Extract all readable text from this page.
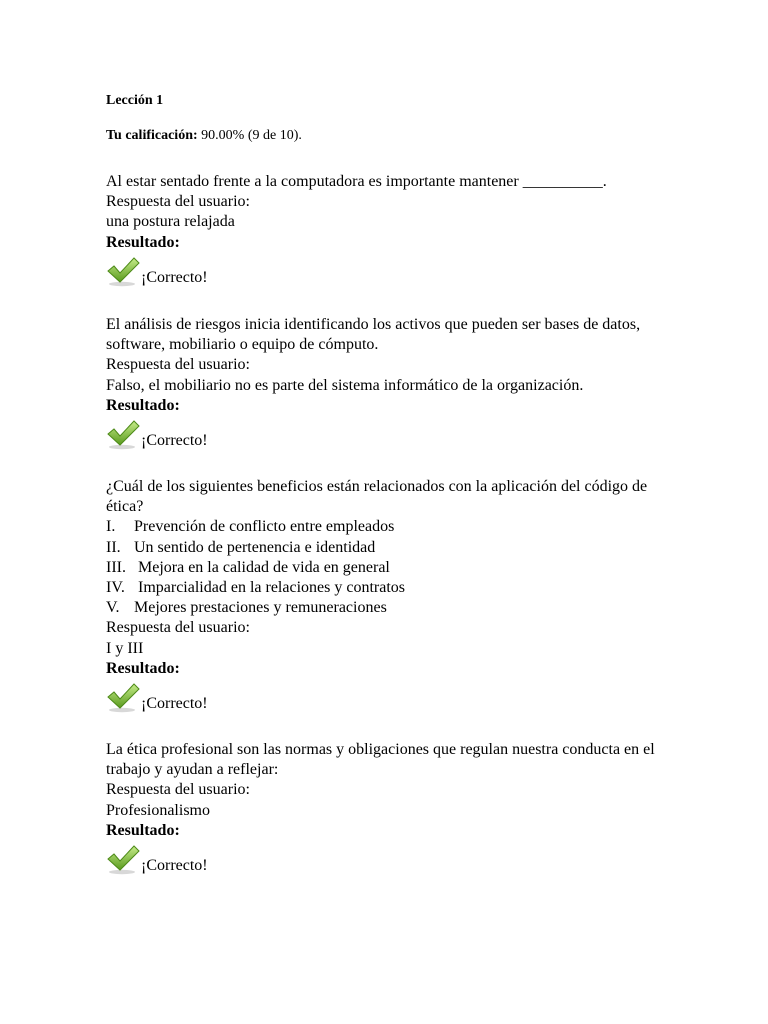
Lección 1
Tu calificación: 90.00% (9 de 10).

Al estar sentado frente a la computadora es importante mantener __________.

Respuesta del usuario:

una postura relajada

Resultado:

¡Correcto!

El análisis de riesgos inicia identificando los activos que pueden ser bases de datos, software, mobiliario o equipo de cómputo.

Respuesta del usuario:

Falso, el mobiliario no es parte del sistema informático de la organización.

Resultado:

¡Correcto!

¿Cuál de los siguientes beneficios están relacionados con la aplicación del código de ética?

I.	Prevención de conflicto entre empleados
II. Un sentido de pertenencia e identidad
III. Mejora en la calidad de vida en general
IV. Imparcialidad en la relaciones y contratos
V. Mejores prestaciones y remuneraciones

Respuesta del usuario:

I y III

Resultado:

¡Correcto!

La ética profesional son las normas y obligaciones que regulan nuestra conducta en el trabajo y ayudan a reflejar:

Respuesta del usuario:

Profesionalismo

Resultado:

¡Correcto!
